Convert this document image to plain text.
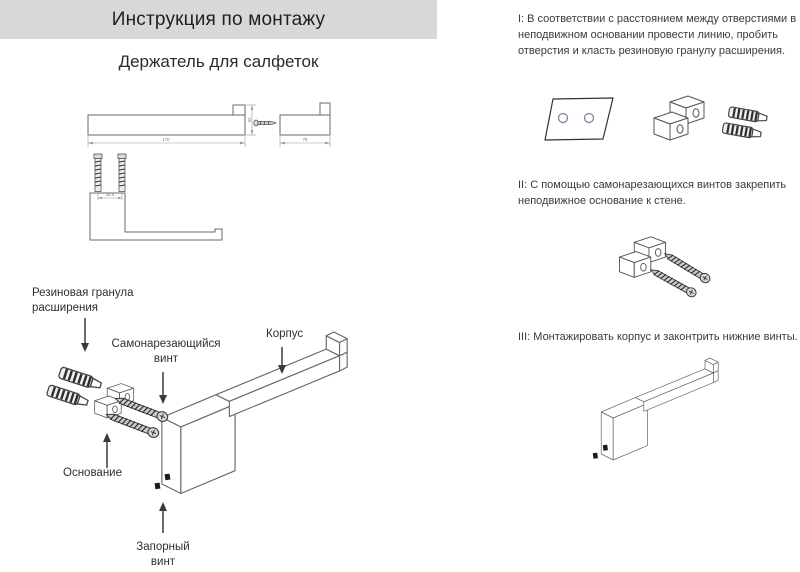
Инструкция по монтажу
Держатель для салфеток
170
32
78
18.5
Резиновая гранула расширения
Самонарезающийся винт
Корпус
Основание
Запорный винт
I: В соответствии с расстоянием между отверстиями в неподвижном основании провести линию, пробить отверстия и класть резиновую гранулу расширения.
II: С помощью самонарезающихся винтов закрепить неподвижное основание к стене.
III: Монтажировать корпус и законтрить нижние винты.
